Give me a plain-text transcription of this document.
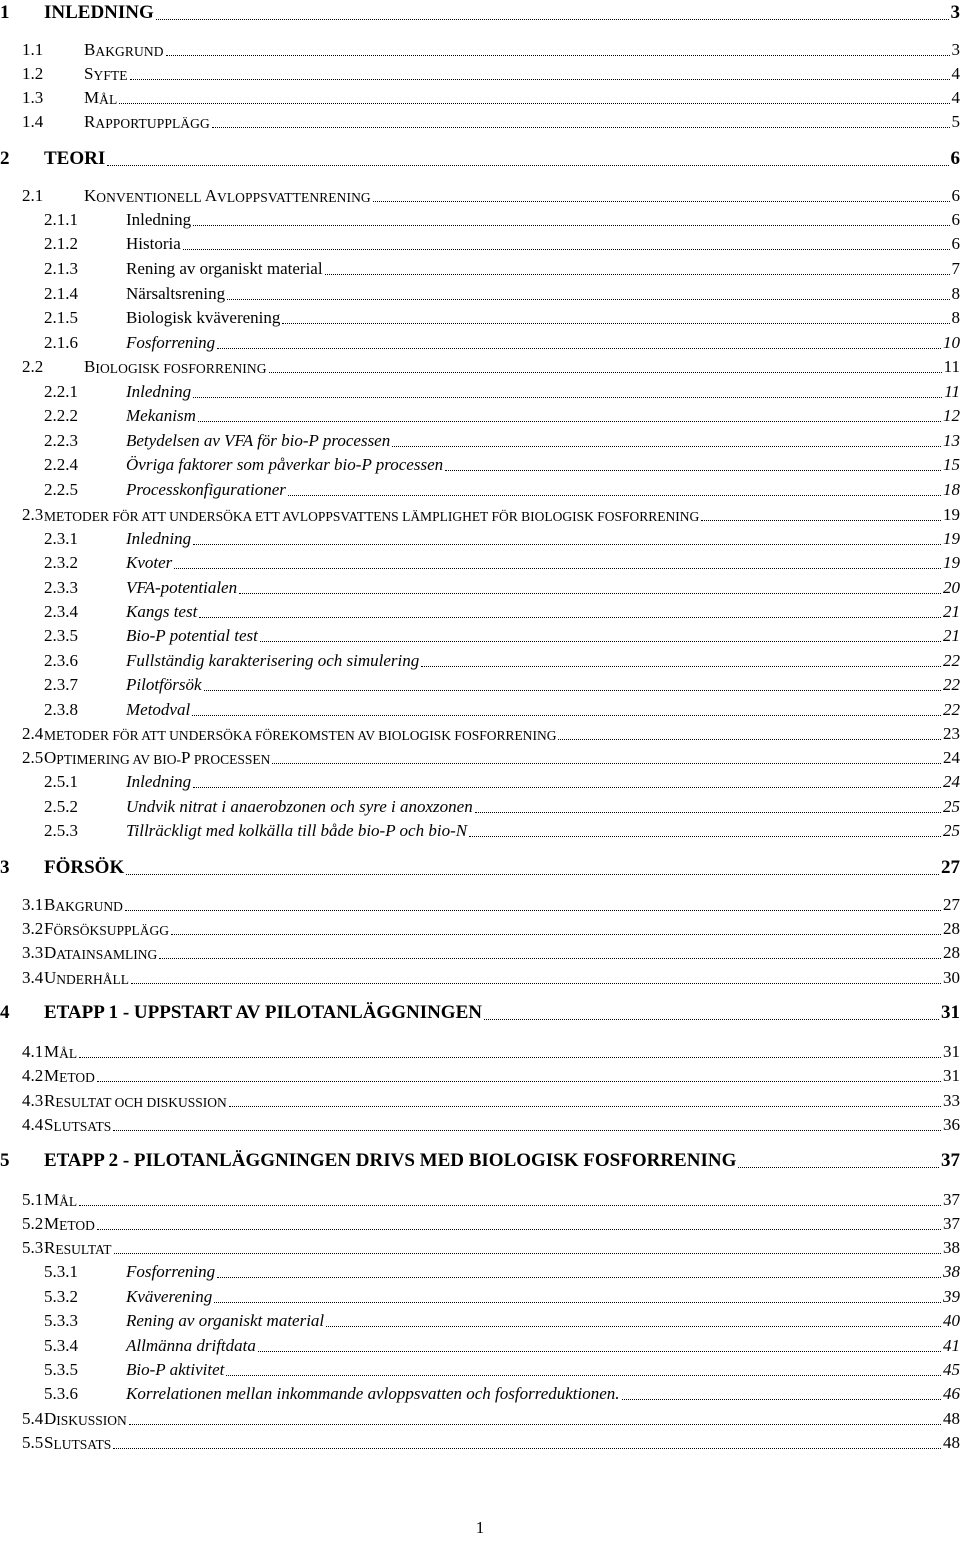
1 INLEDNING	3
1.1 B AKGRUND	3
1.2 S YFTE	4
1.3 M ÅL	4
1.4 R APPORTUPPLÄGG	5
2 TEORI	6
2.1 K ONVENTIONELL A VLOPPSVATTENRENING	6
2.1.1	Inledning	6
2.1.2	Historia	6
2.1.3	Rening av organiskt material	7
2.1.4	Närsaltsrening	8
2.1.5	Biologisk kväverening	8
2.1.6	Fosforrening	10
2.2 B IOLOGISK FOSFORRENING	11
2.2.1	Inledning	11
2.2.2	Mekanism	12
2.2.3	Betydelsen av VFA för bio-P processen	13
2.2.4	Övriga faktorer som påverkar bio-P processen	15
2.2.5	Processkonfigurationer	18
2.3 METODER FÖR ATT UNDERSÖKA ETT AVLOPPSVATTENS LÄMPLIGHET FÖR BIOLOGISK FOSFORRENING	19
2.3.1	Inledning	19
2.3.2	Kvoter	19
2.3.3	VFA-potentialen	20
2.3.4	Kangs test	21
2.3.5	Bio-P potential test	21
2.3.6	Fullständig karakterisering och simulering	22
2.3.7	Pilotförsök	22
2.3.8	Metodval	22
2.4 METODER FÖR ATT UNDERSÖKA FÖREKOMSTEN AV BIOLOGISK FOSFORRENING	23
2.5 O PTIMERING AV BIO- P PROCESSEN	24
2.5.1	Inledning	24
2.5.2	Undvik nitrat i anaerobzonen och syre i anoxzonen	25
2.5.3	Tillräckligt med kolkälla till både bio-P och bio-N	25
3 FÖRSÖK	27
3.1 B AKGRUND	27
3.2 F ÖRSÖKSUPPLÄGG	28
3.3 D ATAINSAMLING	28
3.4 U NDERHÅLL	30
4 ETAPP 1 - UPPSTART AV PILOTANLÄGGNINGEN	31
4.1 M ÅL	31
4.2 M ETOD	31
4.3 R ESULTAT OCH DISKUSSION	33
4.4 S LUTSATS	36
5 ETAPP 2 - PILOTANLÄGGNINGEN DRIVS MED BIOLOGISK FOSFORRENING	37
5.1 M ÅL	37
5.2 M ETOD	37
5.3 R ESULTAT	38
5.3.1	Fosforrening	38
5.3.2	Kväverening	39
5.3.3	Rening av organiskt material	40
5.3.4	Allmänna driftdata	41
5.3.5	Bio-P aktivitet	45
5.3.6	Korrelationen mellan inkommande avloppsvatten och fosforreduktionen.	46
5.4 D ISKUSSION	48
5.5 S LUTSATS	48
1
